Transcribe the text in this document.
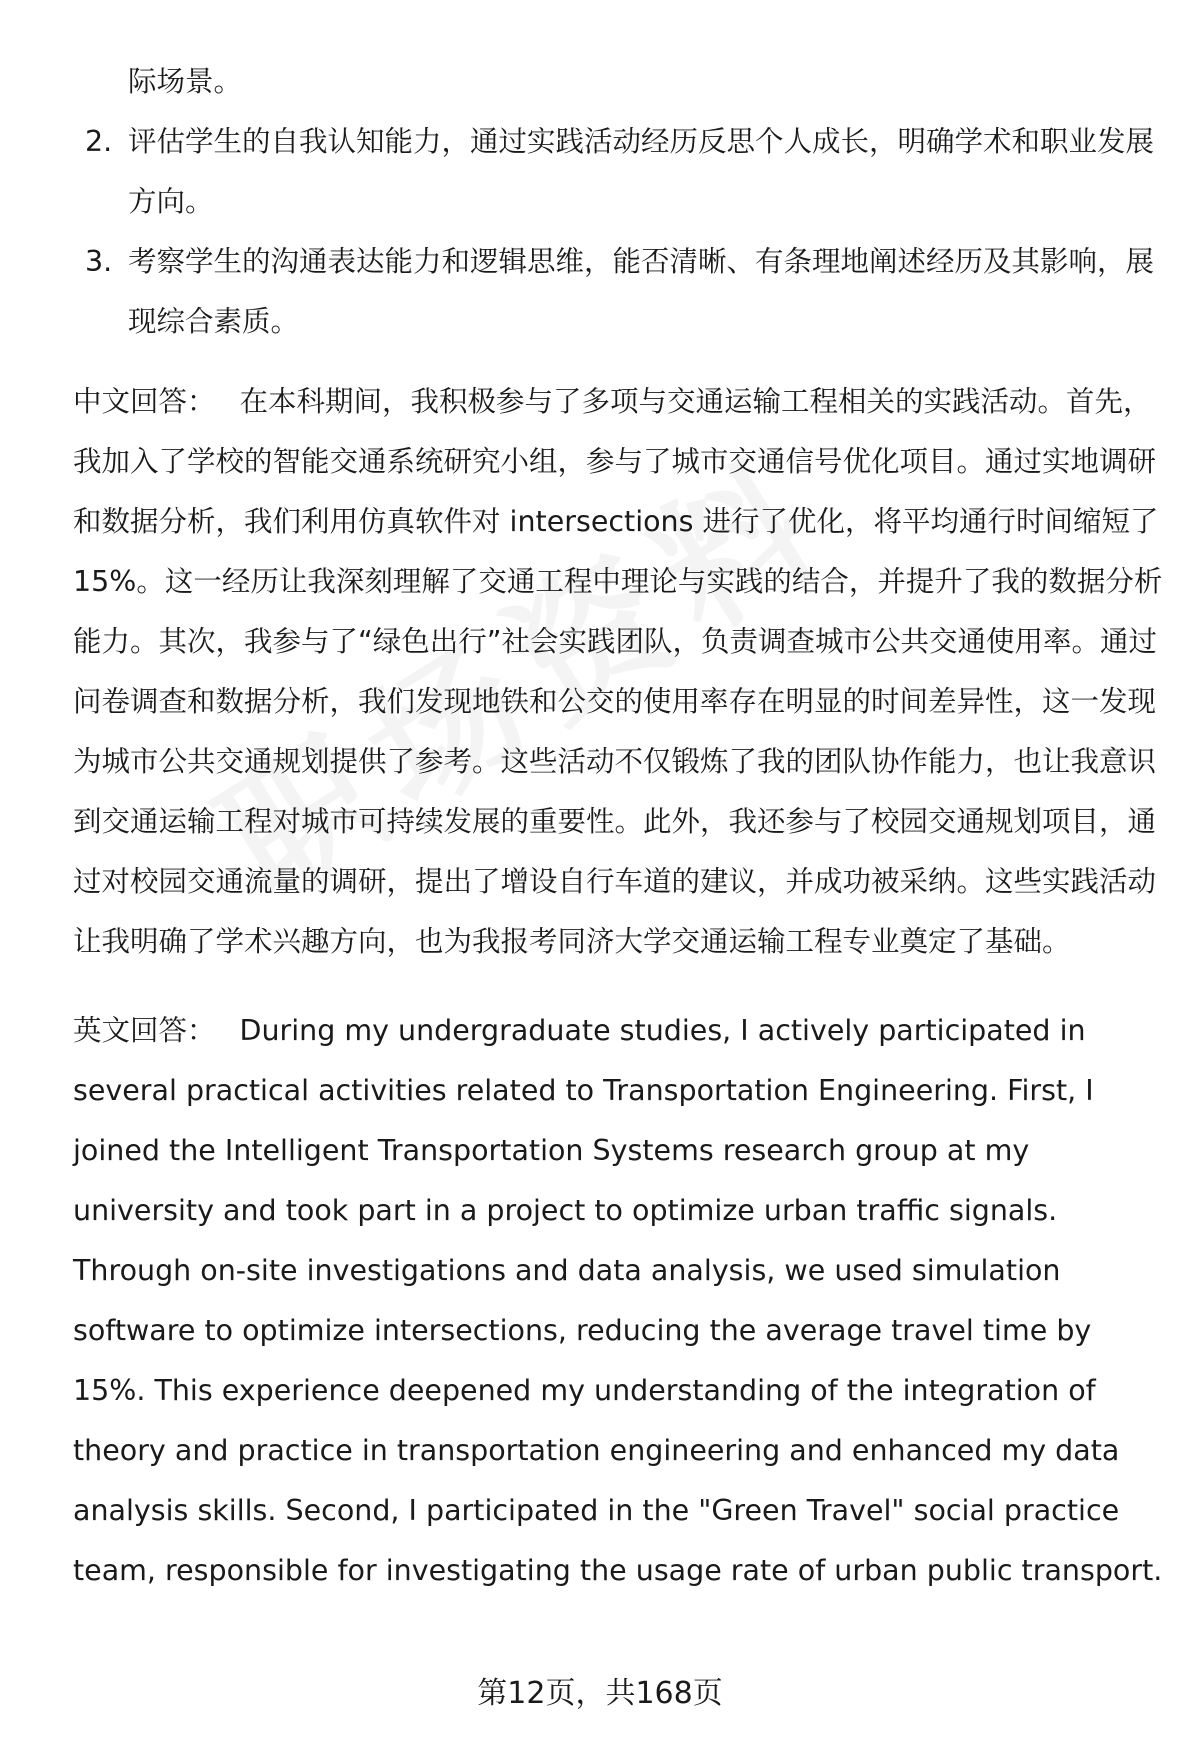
际场景。
2. 评估学生的自我认知能力，通过实践活动经历反思个人成长，明确学术和职业发展方向。
3. 考察学生的沟通表达能力和逻辑思维，能否清晰、有条理地阐述经历及其影响，展现综合素质。

中文回答： 在本科期间，我积极参与了多项与交通运输工程相关的实践活动。首先，我加入了学校的智能交通系统研究小组，参与了城市交通信号优化项目。通过实地调研和数据分析，我们利用仿真软件对 intersections 进行了优化，将平均通行时间缩短了 15%。这一经历让我深刻理解了交通工程中理论与实践的结合，并提升了我的数据分析能力。其次，我参与了“绿色出行”社会实践团队，负责调查城市公共交通使用率。通过问卷调查和数据分析，我们发现地铁和公交的使用率存在明显的时间差异性，这一发现为城市公共交通规划提供了参考。这些活动不仅锻炼了我的团队协作能力，也让我意识到交通运输工程对城市可持续发展的重要性。此外，我还参与了校园交通规划项目，通过对校园交通流量的调研，提出了增设自行车道的建议，并成功被采纳。这些实践活动让我明确了学术兴趣方向，也为我报考同济大学交通运输工程专业奠定了基础。

英文回答： During my undergraduate studies, I actively participated in several practical activities related to Transportation Engineering. First, I joined the Intelligent Transportation Systems research group at my university and took part in a project to optimize urban traffic signals. Through on-site investigations and data analysis, we used simulation software to optimize intersections, reducing the average travel time by 15%. This experience deepened my understanding of the integration of theory and practice in transportation engineering and enhanced my data analysis skills. Second, I participated in the "Green Travel" social practice team, responsible for investigating the usage rate of urban public transport.

第12页，共168页
